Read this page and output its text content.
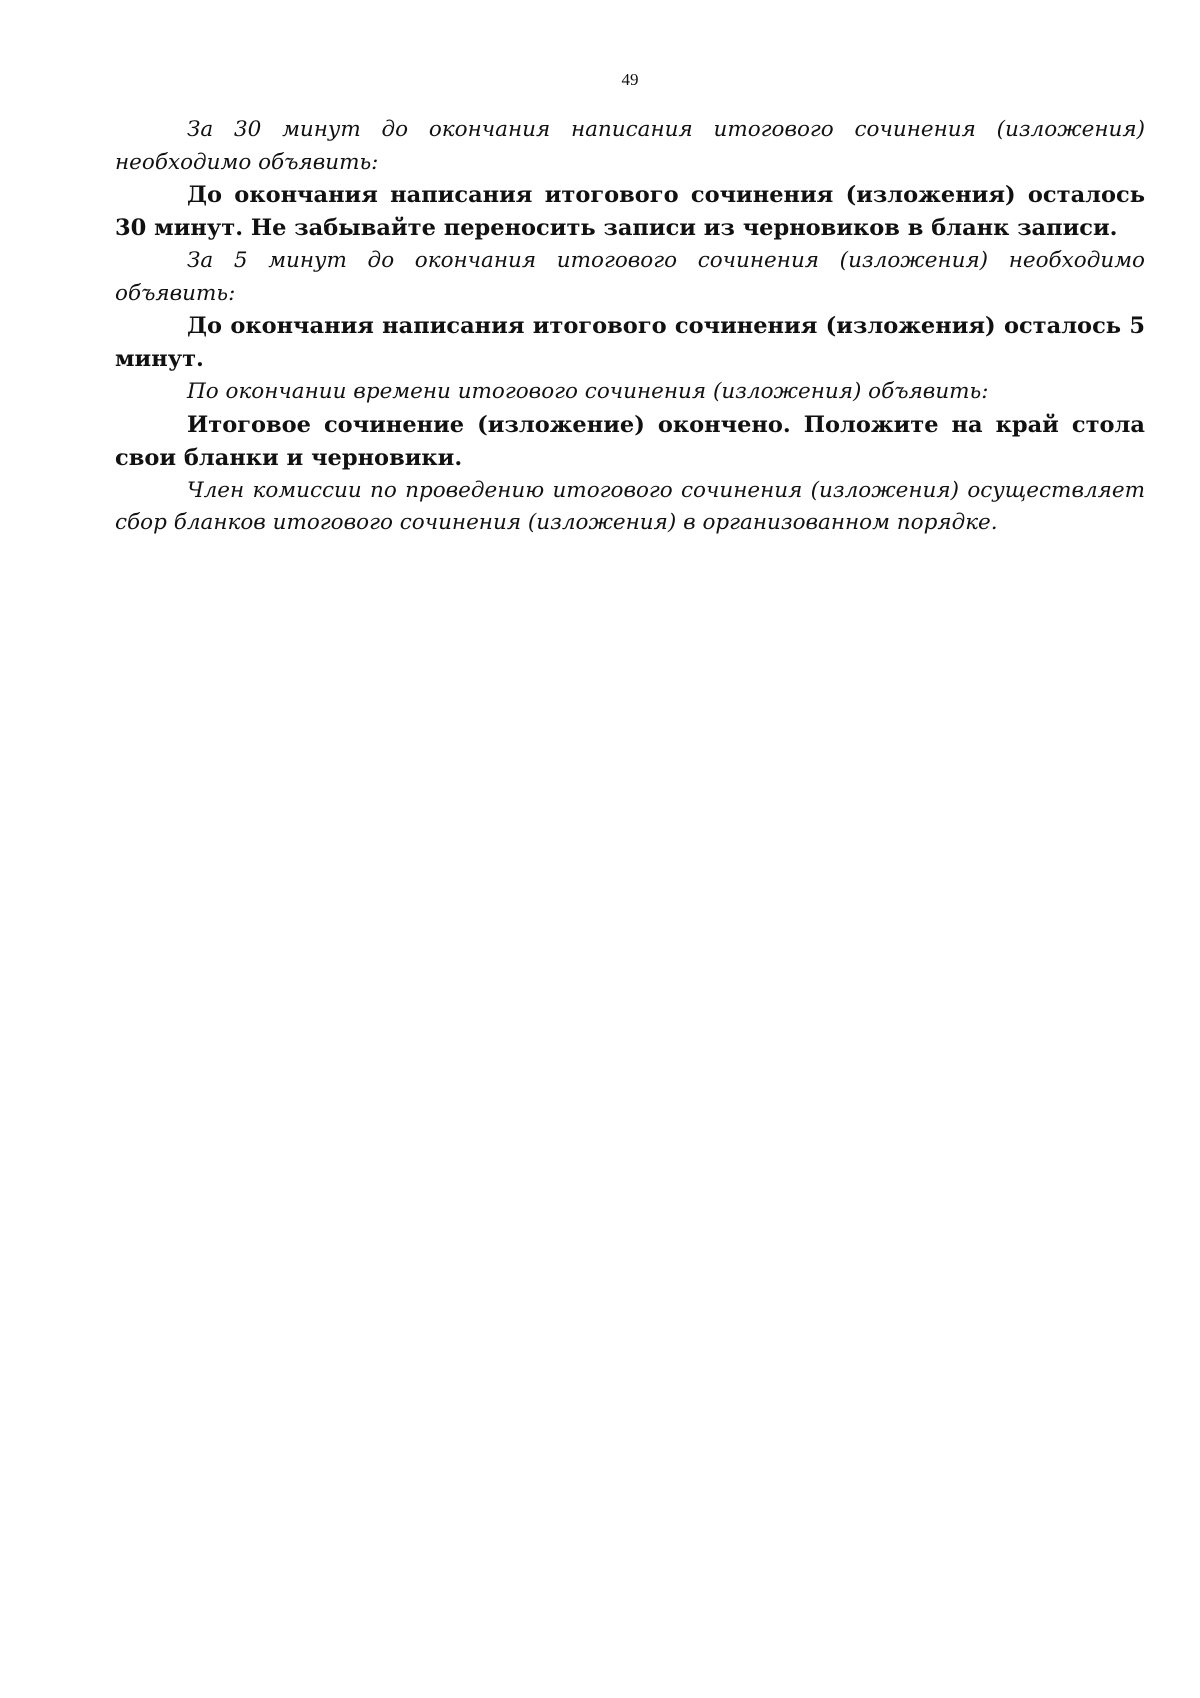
49

За 30 минут до окончания написания итогового сочинения (изложения) необходимо объявить:

До окончания написания итогового сочинения (изложения) осталось 30 минут. Не забывайте переносить записи из черновиков в бланк записи.

За 5 минут до окончания итогового сочинения (изложения) необходимо объявить:

До окончания написания итогового сочинения (изложения) осталось 5 минут.

По окончании времени итогового сочинения (изложения) объявить:

Итоговое сочинение (изложение) окончено. Положите на край стола свои бланки и черновики.

Член комиссии по проведению итогового сочинения (изложения) осуществляет сбор бланков итогового сочинения (изложения) в организованном порядке.
